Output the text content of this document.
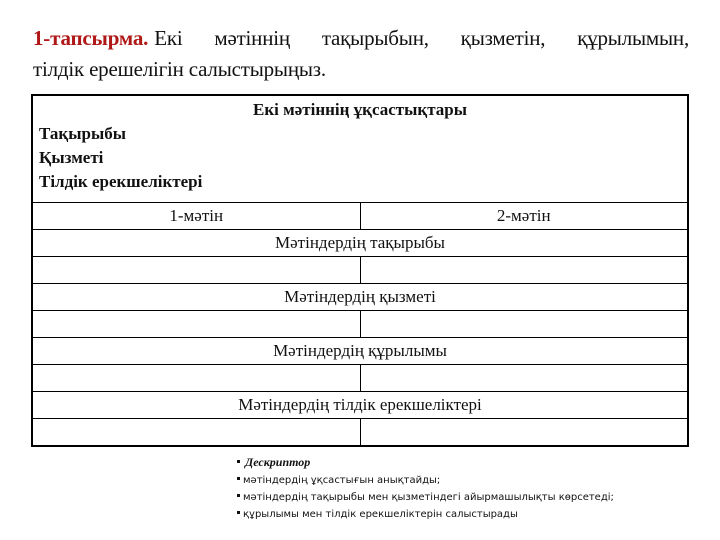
1-тапсырма. Екі мәтіннің тақырыбын, қызметін, құрылымын,
тілдік ерешелігін салыстырыңыз.
Екі мәтіннің ұқсастықтары
Тақырыбы
Қызметі
Тілдік ерекшеліктері	

1-мәтін	2-мәтін
Мәтіндердің тақырыбы	

Мәтіндердің қызметі	

Мәтіндердің құрылымы	

Мәтіндердің тілдік ерекшеліктері	

Дескриптор
мәтіндердің ұқсастығын анықтайды;
мәтіндердің тақырыбы мен қызметіндегі айырмашылықты көрсетеді;
құрылымы мен тілдік ерекшеліктерін салыстырады
